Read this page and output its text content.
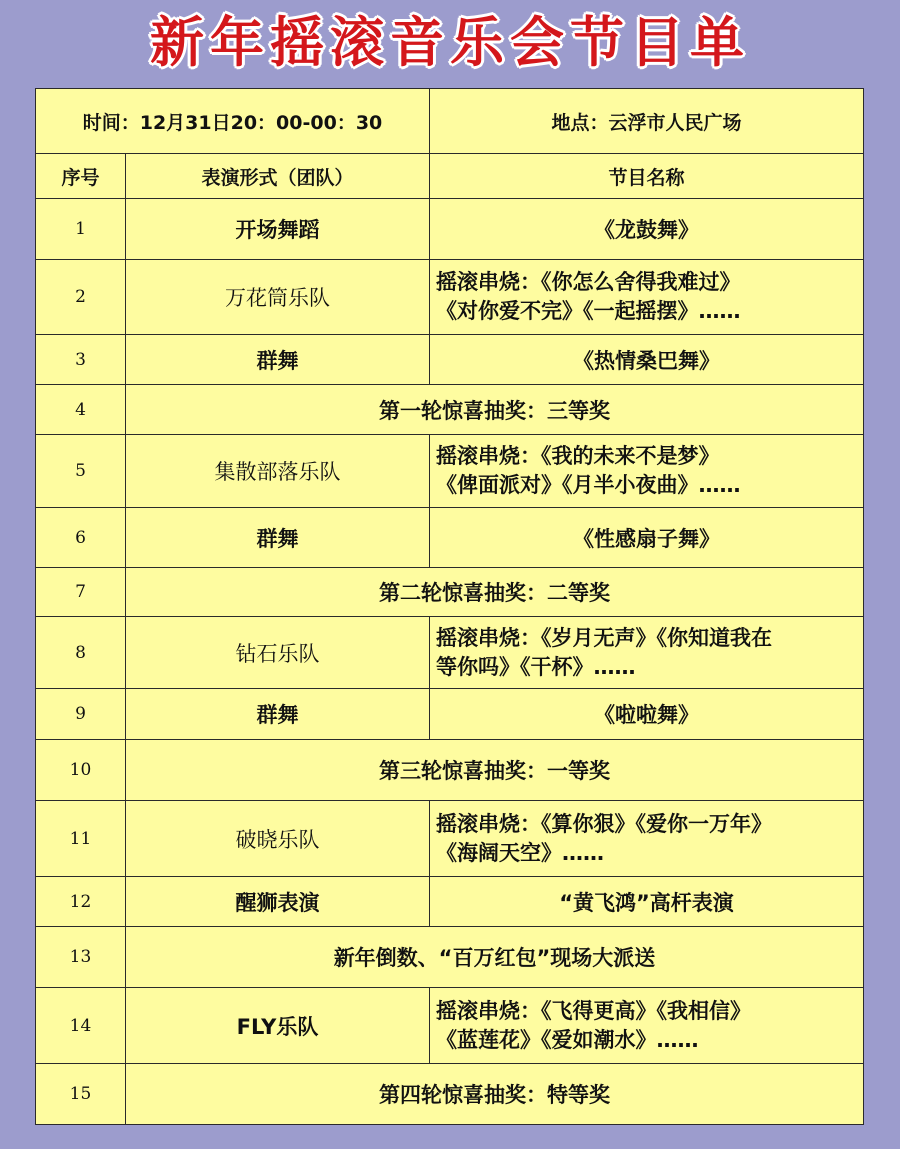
新年摇滚音乐会节目单
时间：12月31日20：00-00：30		地点：云浮市人民广场
序号	表演形式（团队）	节目名称
1	开场舞蹈	《龙鼓舞》
2	万花筒乐队	摇滚串烧：《你怎么舍得我难过》
《对你爱不完》《一起摇摆》……

3	群舞	《热情桑巴舞》
4	第一轮惊喜抽奖：三等奖	
5	集散部落乐队	摇滚串烧：《我的未来不是梦》
《俾面派对》《月半小夜曲》……

6	群舞	《性感扇子舞》
7	第二轮惊喜抽奖：二等奖	
8	钻石乐队	摇滚串烧：《岁月无声》《你知道我在
等你吗》《干杯》……

9	群舞	《啦啦舞》
10	第三轮惊喜抽奖：一等奖	
11	破晓乐队	摇滚串烧：《算你狠》《爱你一万年》
《海阔天空》……

12	醒狮表演	“黄飞鸿”高杆表演
13	新年倒数、“百万红包”现场大派送	
14	FLY乐队	摇滚串烧：《飞得更高》《我相信》
《蓝莲花》《爱如潮水》……

15	第四轮惊喜抽奖：特等奖	
